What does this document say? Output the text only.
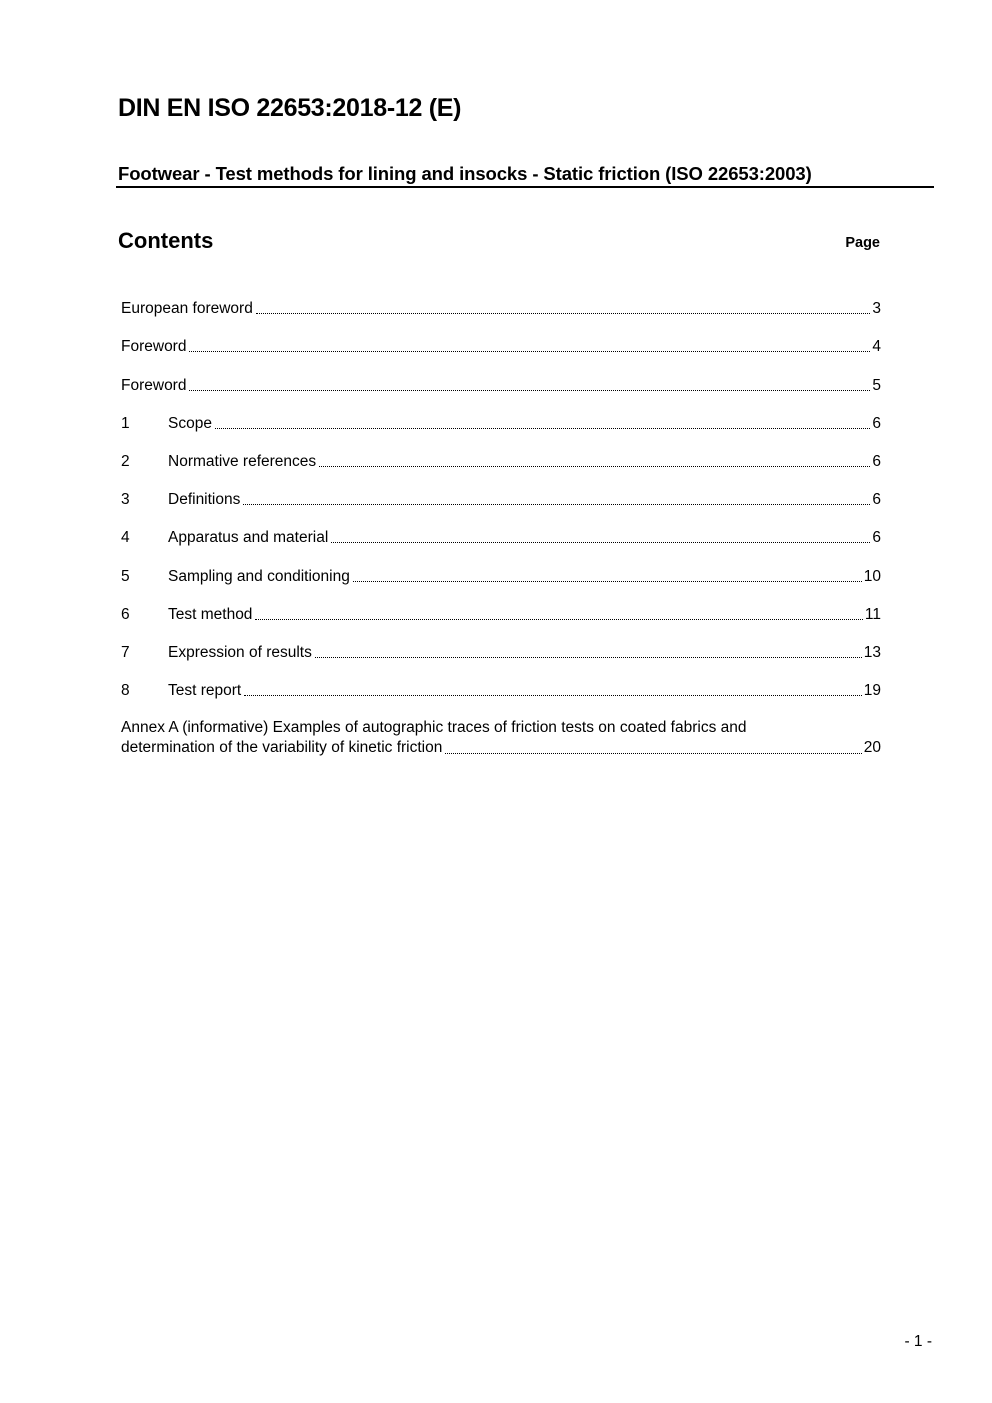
DIN EN ISO 22653:2018-12 (E)
Footwear - Test methods for lining and insocks - Static friction (ISO 22653:2003)
Contents	Page
European foreword	3
Foreword	4
Foreword	5
1	Scope	6
2	Normative references	6
3	Definitions	6
4	Apparatus and material	6
5	Sampling and conditioning	10
6	Test method	11
7	Expression of results	13
8	Test report	19
Annex A (informative) Examples of autographic traces of friction tests on coated fabrics and
determination of the variability of kinetic friction	20
- 1 -
